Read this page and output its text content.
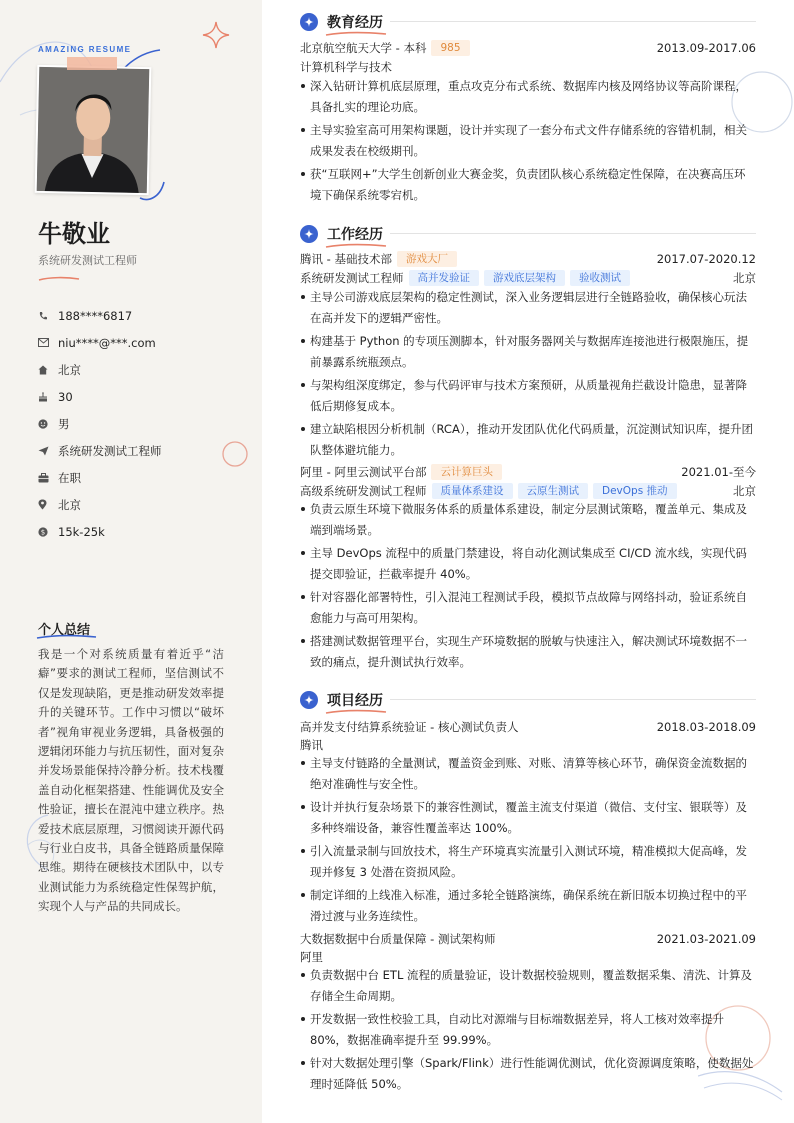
AMAZING RESUME
牛敬业
系统研发测试工程师
188****6817
niu****@***.com
北京
30
男
系统研发测试工程师
在职
北京
$ 15k-25k
个人总结
我是一个对系统质量有着近乎“洁癖”要求的测试工程师，坚信测试不仅是发现缺陷，更是推动研发效率提升的关键环节。工作中习惯以“破坏者”视角审视业务逻辑，具备极强的逻辑闭环能力与抗压韧性，面对复杂并发场景能保持冷静分析。技术栈覆盖自动化框架搭建、性能调优及安全性验证，擅长在混沌中建立秩序。热爱技术底层原理，习惯阅读开源代码与行业白皮书，具备全链路质量保障思维。期待在硬核技术团队中，以专业测试能力为系统稳定性保驾护航，实现个人与产品的共同成长。
教育经历
北京航空航天大学 - 本科	985	2013.09-2017.06
计算机科学与技术
深入钻研计算机底层原理，重点攻克分布式系统、数据库内核及网络协议等高阶课程，具备扎实的理论功底。
主导实验室高可用架构课题，设计并实现了一套分布式文件存储系统的容错机制，相关成果发表在校级期刊。
获“互联网+”大学生创新创业大赛金奖，负责团队核心系统稳定性保障，在决赛高压环境下确保系统零宕机。
工作经历
腾讯 - 基础技术部	游戏大厂	2017.07-2020.12
系统研发测试工程师	高并发验证	游戏底层架构	验收测试	北京
主导公司游戏底层架构的稳定性测试，深入业务逻辑层进行全链路验收，确保核心玩法在高并发下的逻辑严密性。
构建基于 Python 的专项压测脚本，针对服务器网关与数据库连接池进行极限施压，提前暴露系统瓶颈点。
与架构组深度绑定，参与代码评审与技术方案预研，从质量视角拦截设计隐患，显著降低后期修复成本。
建立缺陷根因分析机制（RCA），推动开发团队优化代码质量，沉淀测试知识库，提升团队整体避坑能力。
阿里 - 阿里云测试平台部	云计算巨头	2021.01-至今
高级系统研发测试工程师	质量体系建设	云原生测试	DevOps 推动	北京
负责云原生环境下微服务体系的质量体系建设，制定分层测试策略，覆盖单元、集成及端到端场景。
主导 DevOps 流程中的质量门禁建设，将自动化测试集成至 CI/CD 流水线，实现代码提交即验证，拦截率提升 40%。
针对容器化部署特性，引入混沌工程测试手段，模拟节点故障与网络抖动，验证系统自愈能力与高可用架构。
搭建测试数据管理平台，实现生产环境数据的脱敏与快速注入，解决测试环境数据不一致的痛点，提升测试执行效率。
项目经历
高并发支付结算系统验证 - 核心测试负责人	2018.03-2018.09
腾讯
主导支付链路的全量测试，覆盖资金到账、对账、清算等核心环节，确保资金流数据的绝对准确性与安全性。
设计并执行复杂场景下的兼容性测试，覆盖主流支付渠道（微信、支付宝、银联等）及多种终端设备，兼容性覆盖率达 100%。
引入流量录制与回放技术，将生产环境真实流量引入测试环境，精准模拟大促高峰，发现并修复 3 处潜在资损风险。
制定详细的上线准入标准，通过多轮全链路演练，确保系统在新旧版本切换过程中的平滑过渡与业务连续性。
大数据数据中台质量保障 - 测试架构师	2021.03-2021.09
阿里
负责数据中台 ETL 流程的质量验证，设计数据校验规则，覆盖数据采集、清洗、计算及存储全生命周期。
开发数据一致性校验工具，自动比对源端与目标端数据差异，将人工核对效率提升 80%，数据准确率提升至 99.99%。
针对大数据处理引擎（Spark/Flink）进行性能调优测试，优化资源调度策略，使数据处理时延降低 50%。
